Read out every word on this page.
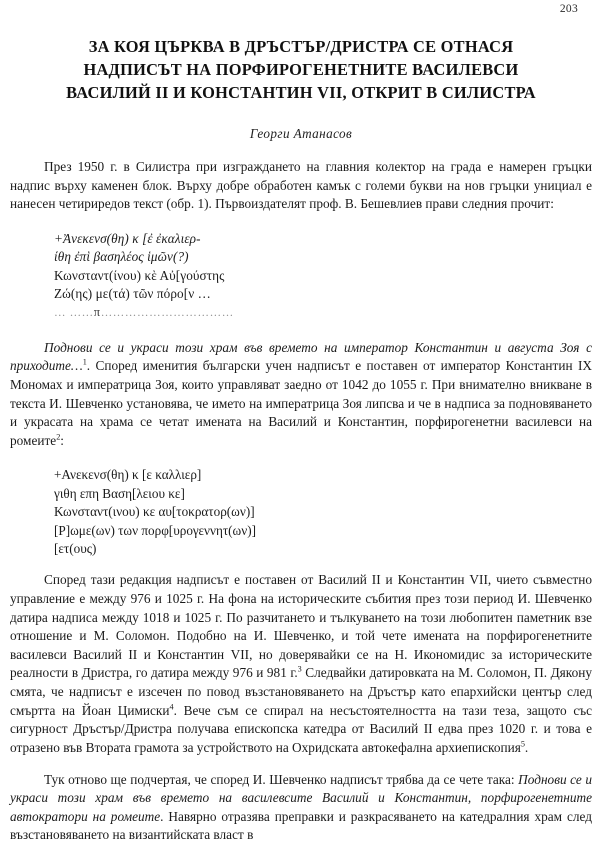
203
ЗА КОЯ ЦЪРКВА В ДРЪСТЪР/ДРИСТРА СЕ ОТНАСЯ
НАДПИСЪТ НА ПОРФИРОГЕНЕТНИТЕ ВАСИЛЕВСИ
ВАСИЛИЙ II И КОНСТАНТИН VII, ОТКРИТ В СИЛИСТРА
Георги Атанасов

През 1950 г. в Силистра при изграждането на главния колектор на града е намерен гръцки надпис върху каменен блок. Върху добре обработен камък с големи букви на нов гръцки унициал е нанесен четириредов текст (обр. 1). Първоиздателят проф. В. Бешевлиев прави следния прочит:

+Ἀνεκενσ(θη) κ [ἐ ἐκαλιερ-
ίθη ἐπὶ βασηλέος ἱμῶν(?)
Κωνσταντ(ίνου) κὲ Αὐ[γούστης
Ζώ(ης) με(τά) τῶν πόρο[ν …
… ……π……………………………

Поднови се и украси този храм във времето на император Константин и августа Зоя с приходите…$^1$. Според именития български учен надписът е поставен от император Константин IX Мономах и императрица Зоя, които управляват заедно от 1042 до 1055 г. При внимателно вникване в текста И. Шевченко установява, че името на императрица Зоя липсва и че в надписа за подновяването и украсата на храма се четат имената на Василий и Константин, порфирогенетни василевси на ромеите$^2$:

+Ανεκενσ(θη) κ [ε καλλιερ]
γιθη επη Βαση[λειου κε]
Κωνσταντ(ινου) κε αυ[τοκρατορ(ων)]
[Ρ]ωμε(ων) των πορφ[υρογεννητ(ων)]
[ετ(ους)

Според тази редакция надписът е поставен от Василий II и Константин VII, чието съвместно управление е между 976 и 1025 г. На фона на историческите събития през този период И. Шевченко датира надписа между 1018 и 1025 г. По разчитането и тълкуването на този любопитен паметник взе отношение и М. Соломон. Подобно на И. Шевченко, и той чете имената на порфирогенетните василевси Василий II и Константин VII, но доверявайки се на Н. Икономидис за историческите реалности в Дристра, го датира между 976 и 981 г.$^3$ Следвайки датировката на М. Соломон, П. Дякону смята, че надписът е изсечен по повод възстановяването на Дръстър като епархийски център след смъртта на Йоан Цимиски$^4$. Вече съм се спирал на несъстоятелността на тази теза, защото със сигурност Дръстър/Дристра получава епископска катедра от Василий II едва през 1020 г. и това е отразено във Втората грамота за устройството на Охридската автокефална архиепископия$^5$.

Тук отново ще подчертая, че според И. Шевченко надписът трябва да се чете така: Поднови се и украси този храм във времето на василевсите Василий и Константин, порфирогенетните автократори на ромеите. Навярно отразява преправки и разкрасяването на катедралния храм след възстановяването на византийската власт в
